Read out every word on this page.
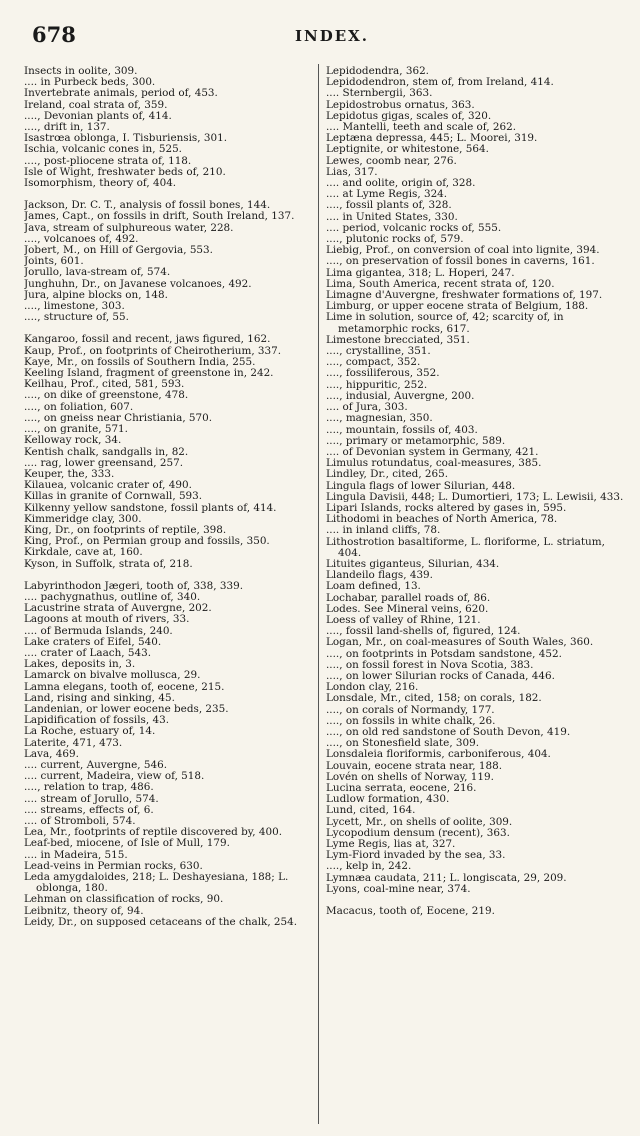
678	INDEX.
Insects in oolite, 309.
.... in Purbeck beds, 300.
Invertebrate animals, period of, 453.
Ireland, coal strata of, 359.
...., Devonian plants of, 414.
...., drift in, 137.
Isastrœa oblonga, I. Tisburiensis, 301.
Ischia, volcanic cones in, 525.
...., post-pliocene strata of, 118.
Isle of Wight, freshwater beds of, 210.
Isomorphism, theory of, 404.
Jackson, Dr. C. T., analysis of fossil bones, 144.
James, Capt., on fossils in drift, South Ireland, 137.
Java, stream of sulphureous water, 228.
...., volcanoes of, 492.
Jobert, M., on Hill of Gergovia, 553.
Joints, 601.
Jorullo, lava-stream of, 574.
Junghuhn, Dr., on Javanese volcanoes, 492.
Jura, alpine blocks on, 148.
...., limestone, 303.
...., structure of, 55.
Kangaroo, fossil and recent, jaws figured, 162.
Kaup, Prof., on footprints of Cheirotherium, 337.
Kaye, Mr., on fossils of Southern India, 255.
Keeling Island, fragment of greenstone in, 242.
Keilhau, Prof., cited, 581, 593.
...., on dike of greenstone, 478.
...., on foliation, 607.
...., on gneiss near Christiania, 570.
...., on granite, 571.
Kelloway rock, 34.
Kentish chalk, sandgalls in, 82.
.... rag, lower greensand, 257.
Keuper, the, 333.
Kilauea, volcanic crater of, 490.
Killas in granite of Cornwall, 593.
Kilkenny yellow sandstone, fossil plants of, 414.
Kimmeridge clay, 300.
King, Dr., on footprints of reptile, 398.
King, Prof., on Permian group and fossils, 350.
Kirkdale, cave at, 160.
Kyson, in Suffolk, strata of, 218.
Labyrinthodon Jægeri, tooth of, 338, 339.
.... pachygnathus, outline of, 340.
Lacustrine strata of Auvergne, 202.
Lagoons at mouth of rivers, 33.
.... of Bermuda Islands, 240.
Lake craters of Eifel, 540.
.... crater of Laach, 543.
Lakes, deposits in, 3.
Lamarck on bivalve mollusca, 29.
Lamna elegans, tooth of, eocene, 215.
Land, rising and sinking, 45.
Landenian, or lower eocene beds, 235.
Lapidification of fossils, 43.
La Roche, estuary of, 14.
Laterite, 471, 473.
Lava, 469.
.... current, Auvergne, 546.
.... current, Madeira, view of, 518.
...., relation to trap, 486.
.... stream of Jorullo, 574.
.... streams, effects of, 6.
.... of Stromboli, 574.
Lea, Mr., footprints of reptile discovered by, 400.
Leaf-bed, miocene, of Isle of Mull, 179.
.... in Madeira, 515.
Lead-veins in Permian rocks, 630.
Leda amygdaloides, 218; L. Deshayesiana, 188; L. oblonga, 180.
Lehman on classification of rocks, 90.
Leibnitz, theory of, 94.
Leidy, Dr., on supposed cetaceans of the chalk, 254.
Lepidodendra, 362.
Lepidodendron, stem of, from Ireland, 414.
.... Sternbergii, 363.
Lepidostrobus ornatus, 363.
Lepidotus gigas, scales of, 320.
.... Mantelli, teeth and scale of, 262.
Leptæna depressa, 445; L. Moorei, 319.
Leptignite, or whitestone, 564.
Lewes, coomb near, 276.
Lias, 317.
.... and oolite, origin of, 328.
.... at Lyme Regis, 324.
...., fossil plants of, 328.
.... in United States, 330.
.... period, volcanic rocks of, 555.
...., plutonic rocks of, 579.
Liebig, Prof., on conversion of coal into lignite, 394.
...., on preservation of fossil bones in caverns, 161.
Lima gigantea, 318; L. Hoperi, 247.
Lima, South America, recent strata of, 120.
Limagne d'Auvergne, freshwater formations of, 197.
Limburg, or upper eocene strata of Belgium, 188.
Lime in solution, source of, 42; scarcity of, in metamorphic rocks, 617.
Limestone brecciated, 351.
...., crystalline, 351.
...., compact, 352.
...., fossiliferous, 352.
...., hippuritic, 252.
...., indusial, Auvergne, 200.
.... of Jura, 303.
...., magnesian, 350.
...., mountain, fossils of, 403.
...., primary or metamorphic, 589.
.... of Devonian system in Germany, 421.
Limulus rotundatus, coal-measures, 385.
Lindley, Dr., cited, 265.
Lingula flags of lower Silurian, 448.
Lingula Davisii, 448; L. Dumortieri, 173; L. Lewisii, 433.
Lipari Islands, rocks altered by gases in, 595.
Lithodomi in beaches of North America, 78.
.... in inland cliffs, 78.
Lithostrotion basaltiforme, L. floriforme, L. striatum, 404.
Lituites giganteus, Silurian, 434.
Llandeilo flags, 439.
Loam defined, 13.
Lochabar, parallel roads of, 86.
Lodes. See Mineral veins, 620.
Loess of valley of Rhine, 121.
...., fossil land-shells of, figured, 124.
Logan, Mr., on coal-measures of South Wales, 360.
...., on footprints in Potsdam sandstone, 452.
...., on fossil forest in Nova Scotia, 383.
...., on lower Silurian rocks of Canada, 446.
London clay, 216.
Lonsdale, Mr., cited, 158; on corals, 182.
...., on corals of Normandy, 177.
...., on fossils in white chalk, 26.
...., on old red sandstone of South Devon, 419.
...., on Stonesfield slate, 309.
Lonsdaleia floriformis, carboniferous, 404.
Louvain, eocene strata near, 188.
Lovén on shells of Norway, 119.
Lucina serrata, eocene, 216.
Ludlow formation, 430.
Lund, cited, 164.
Lycett, Mr., on shells of oolite, 309.
Lycopodium densum (recent), 363.
Lyme Regis, lias at, 327.
Lym-Fiord invaded by the sea, 33.
...., kelp in, 242.
Lymnæa caudata, 211; L. longiscata, 29, 209.
Lyons, coal-mine near, 374.
Macacus, tooth of, Eocene, 219.
